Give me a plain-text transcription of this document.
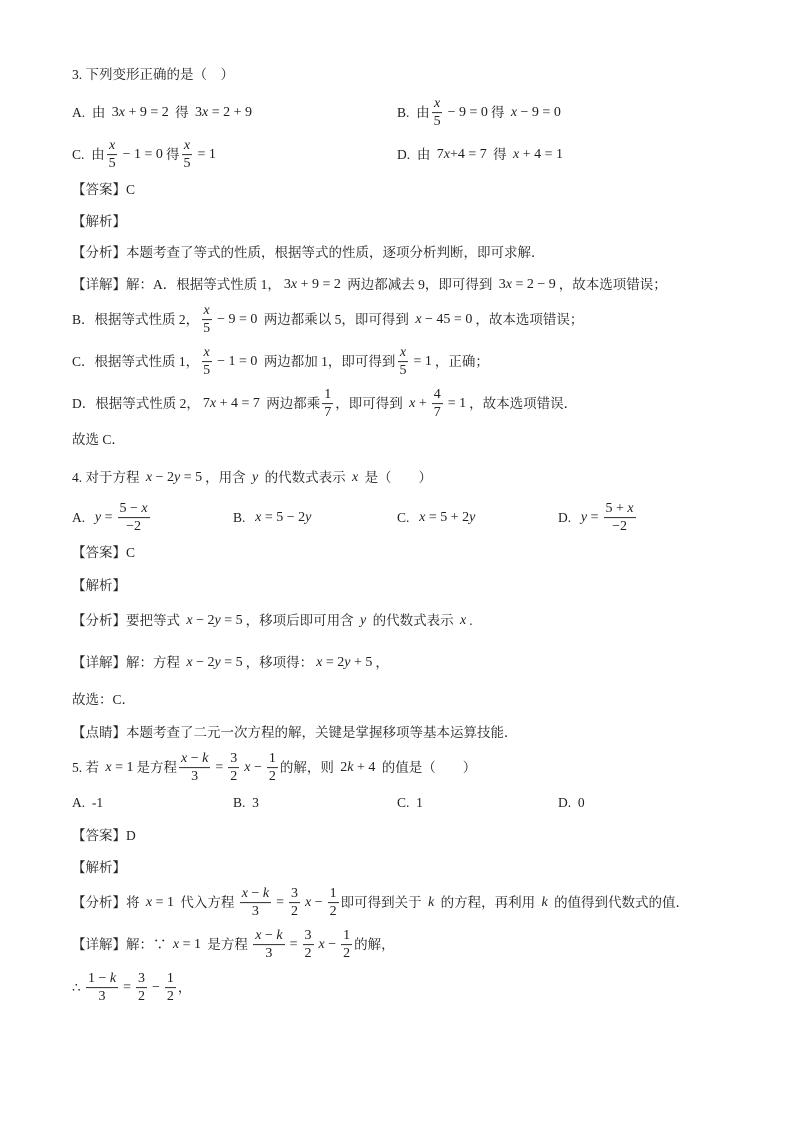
3. 下列变形正确的是（    ）
A.  由 3x + 9 = 2 得 3x = 2 + 9	B.  由 $\frac{x}{5} - 9 = 0$ 得 x − 9 = 0
C.  由 $\frac{x}{5} - 1 = 0$ 得 $\frac{x}{5} = 1$	D.  由 7x+4 = 7 得 x + 4 = 1
【答案】C
【解析】
【分析】本题考查了等式的性质，根据等式的性质，逐项分析判断，即可求解．
【详解】解：A．根据等式性质 1， 3x + 9 = 2 两边都减去 9，即可得到 3x = 2 − 9 ，故本选项错误；
B．根据等式性质 2， $\frac{x}{5} - 9 = 0$ 两边都乘以 5，即可得到 x − 45 = 0 ，故本选项错误；
C．根据等式性质 1， $\frac{x}{5} - 1 = 0$ 两边都加 1，即可得到 $\frac{x}{5} = 1$ ，正确；
D．根据等式性质 2， 7x + 4 = 7 两边都乘 $\frac{1}{7}$ ，即可得到 $x + \frac{4}{7} = 1$ ，故本选项错误．
故选 C．
4. 对于方程 x − 2y = 5 ，用含 y 的代数式表示 x 是（        ）
A. $y = \frac{5 - x}{-2}$	B. x = 5 − 2y	C. x = 5 + 2y	D. $y = \frac{5 + x}{-2}$
【答案】C
【解析】
【分析】要把等式 x − 2y = 5 ，移项后即可用含 y 的代数式表示 x .
【详解】解：方程 x − 2y = 5 ，移项得： x = 2y + 5 ，
故选：C．
【点睛】本题考查了二元一次方程的解，关键是掌握移项等基本运算技能．
5. 若 x = 1 是方程 $\frac{x - k}{3} = \frac{3}{2}$ $x - \frac{1}{2}$ 的解，则 2k + 4 的值是（        ）
A.  -1	B.  3	C.  1	D.  0
【答案】D
【解析】
【分析】将 x = 1 代入方程 $\frac{x - k}{3} = \frac{3}{2}$ $x - \frac{1}{2}$ 即可得到关于 k 的方程，再利用 k 的值得到代数式的值．
【详解】解：∵ x = 1 是方程 $\frac{x - k}{3} = \frac{3}{2}$ $x - \frac{1}{2}$ 的解，
∴ $\frac{1 - k}{3} = \frac{3}{2} - \frac{1}{2}$ ，
